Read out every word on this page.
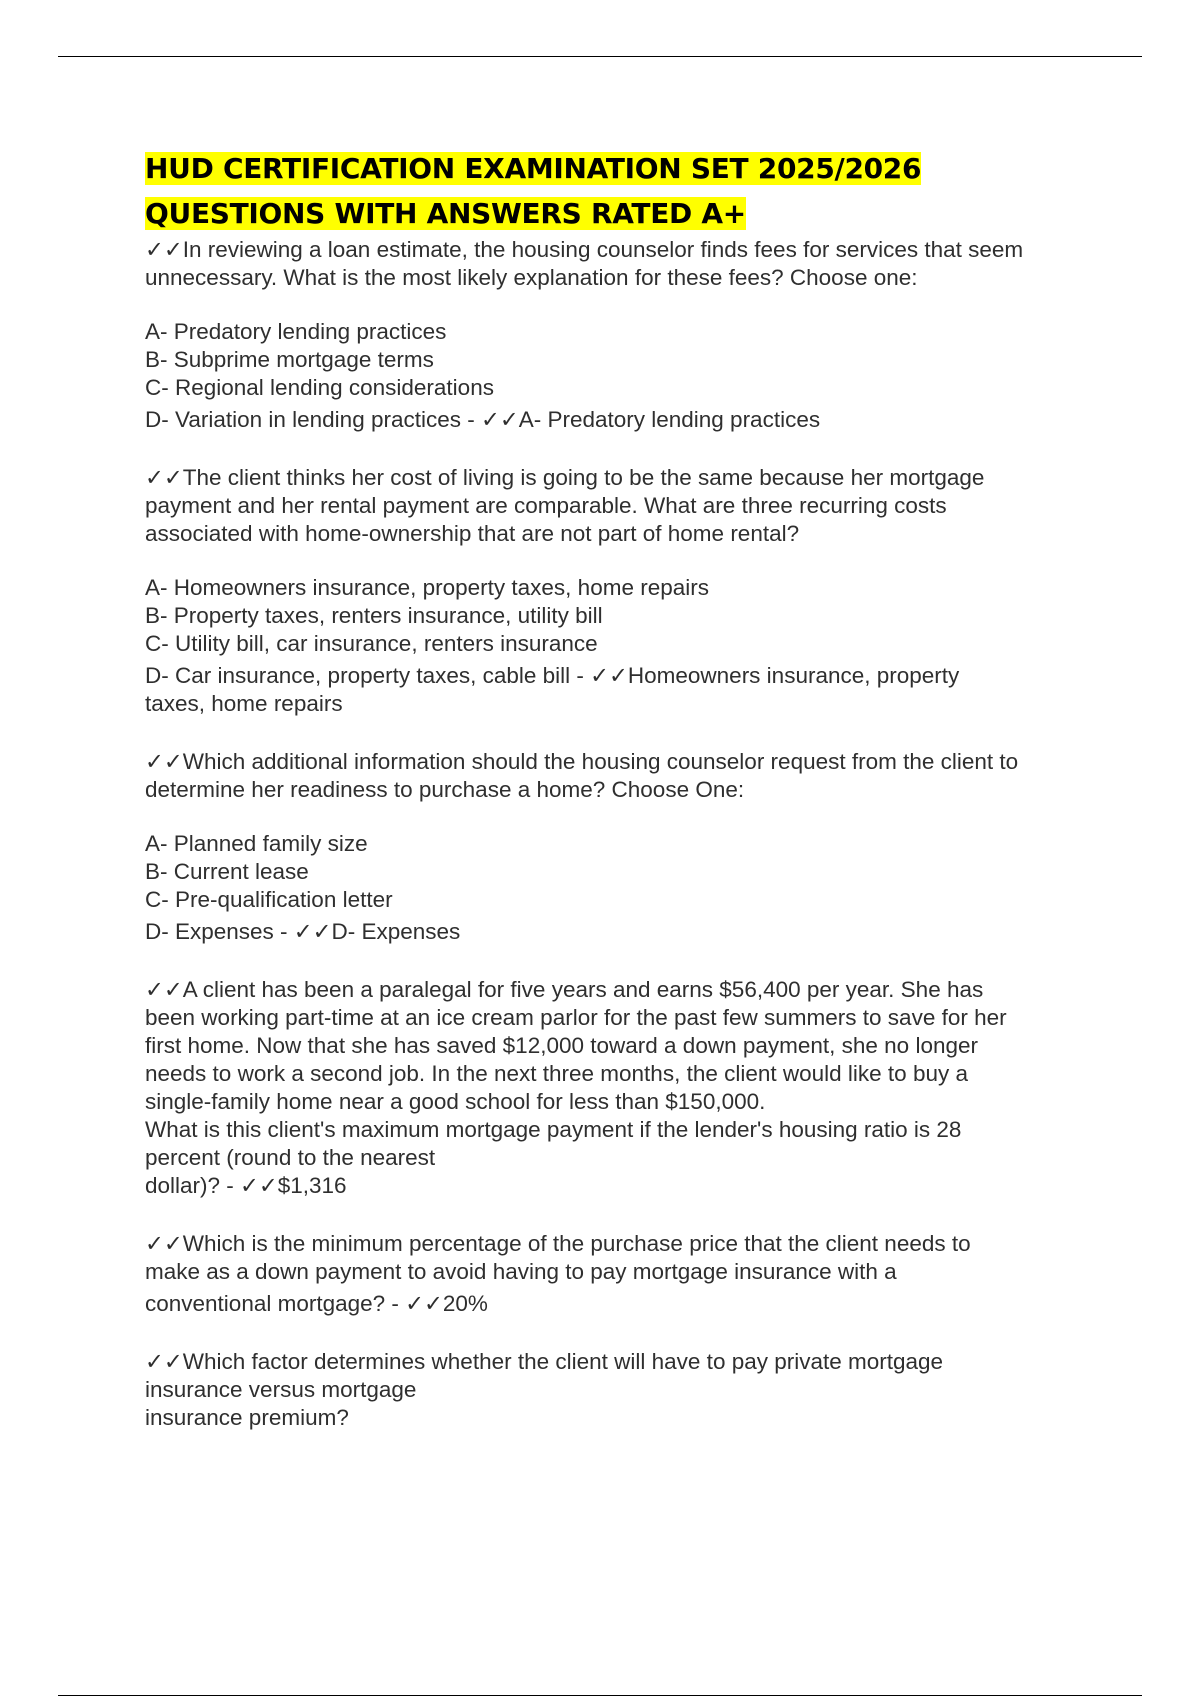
HUD CERTIFICATION EXAMINATION SET 2025/2026
QUESTIONS WITH ANSWERS RATED A+

✓✓In reviewing a loan estimate, the housing counselor finds fees for services that seem
unnecessary. What is the most likely explanation for these fees? Choose one:

A- Predatory lending practices
B- Subprime mortgage terms
C- Regional lending considerations
D- Variation in lending practices - ✓✓A- Predatory lending practices

✓✓The client thinks her cost of living is going to be the same because her mortgage
payment and her rental payment are comparable. What are three recurring costs
associated with home-ownership that are not part of home rental?

A- Homeowners insurance, property taxes, home repairs
B- Property taxes, renters insurance, utility bill
C- Utility bill, car insurance, renters insurance
D- Car insurance, property taxes, cable bill - ✓✓Homeowners insurance, property
taxes, home repairs

✓✓Which additional information should the housing counselor request from the client to
determine her readiness to purchase a home? Choose One:

A- Planned family size
B- Current lease
C- Pre-qualification letter
D- Expenses - ✓✓D- Expenses

✓✓A client has been a paralegal for five years and earns $56,400 per year. She has
been working part-time at an ice cream parlor for the past few summers to save for her
first home. Now that she has saved $12,000 toward a down payment, she no longer
needs to work a second job. In the next three months, the client would like to buy a
single-family home near a good school for less than $150,000.
What is this client's maximum mortgage payment if the lender's housing ratio is 28
percent (round to the nearest
dollar)? - ✓✓$1,316

✓✓Which is the minimum percentage of the purchase price that the client needs to
make as a down payment to avoid having to pay mortgage insurance with a
conventional mortgage? - ✓✓20%

✓✓Which factor determines whether the client will have to pay private mortgage
insurance versus mortgage
insurance premium?
